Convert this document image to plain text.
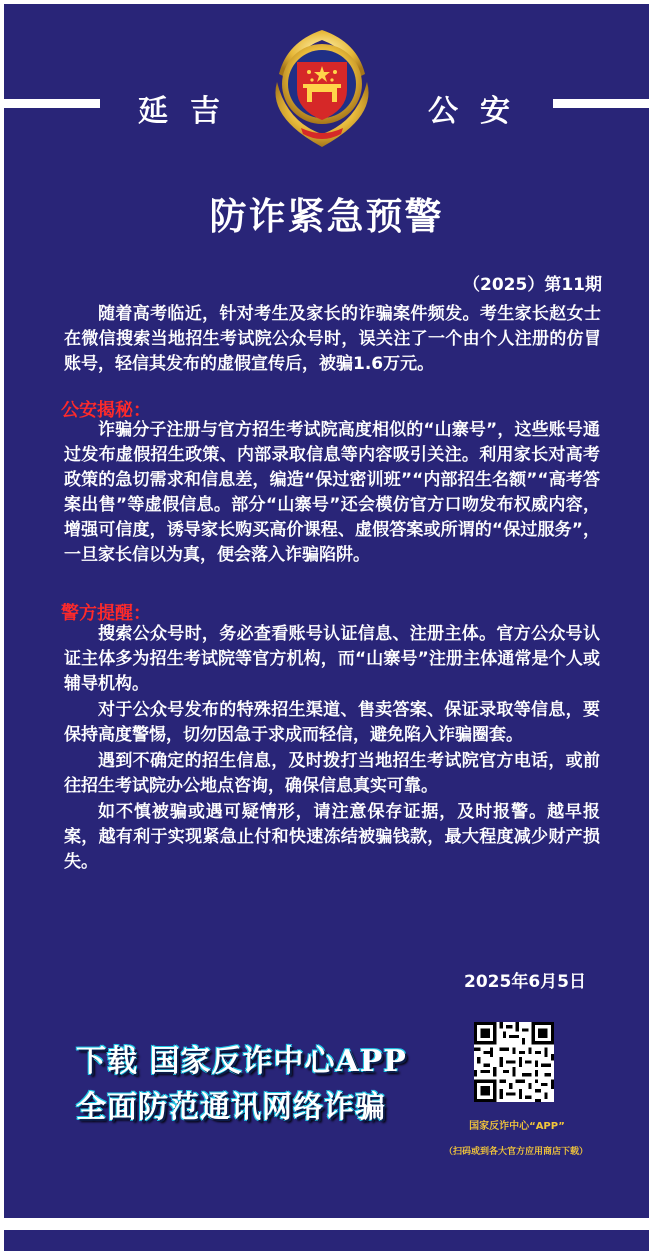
延吉	公安
防诈紧急预警
（2025）第11期

随着高考临近，针对考生及家长的诈骗案件频发。考生家长赵女士在微信搜索当地招生考试院公众号时，误关注了一个由个人注册的仿冒账号，轻信其发布的虚假宣传后，被骗1.6万元。

公安揭秘：

诈骗分子注册与官方招生考试院高度相似的“山寨号”，这些账号通过发布虚假招生政策、内部录取信息等内容吸引关注。利用家长对高考政策的急切需求和信息差，编造“保过密训班”“内部招生名额”“高考答案出售”等虚假信息。部分“山寨号”还会模仿官方口吻发布权威内容，增强可信度，诱导家长购买高价课程、虚假答案或所谓的“保过服务”，一旦家长信以为真，便会落入诈骗陷阱。

警方提醒：

搜索公众号时，务必查看账号认证信息、注册主体。官方公众号认证主体多为招生考试院等官方机构，而“山寨号”注册主体通常是个人或辅导机构。

对于公众号发布的特殊招生渠道、售卖答案、保证录取等信息，要保持高度警惕，切勿因急于求成而轻信，避免陷入诈骗圈套。

遇到不确定的招生信息，及时拨打当地招生考试院官方电话，或前往招生考试院办公地点咨询，确保信息真实可靠。

如不慎被骗或遇可疑情形，请注意保存证据，及时报警。越早报案，越有利于实现紧急止付和快速冻结被骗钱款，最大程度减少财产损失。

2025年6月5日
下载 国家反诈中心APP
全面防范通讯网络诈骗
国家反诈中心“APP”
（扫码或到各大官方应用商店下载）
